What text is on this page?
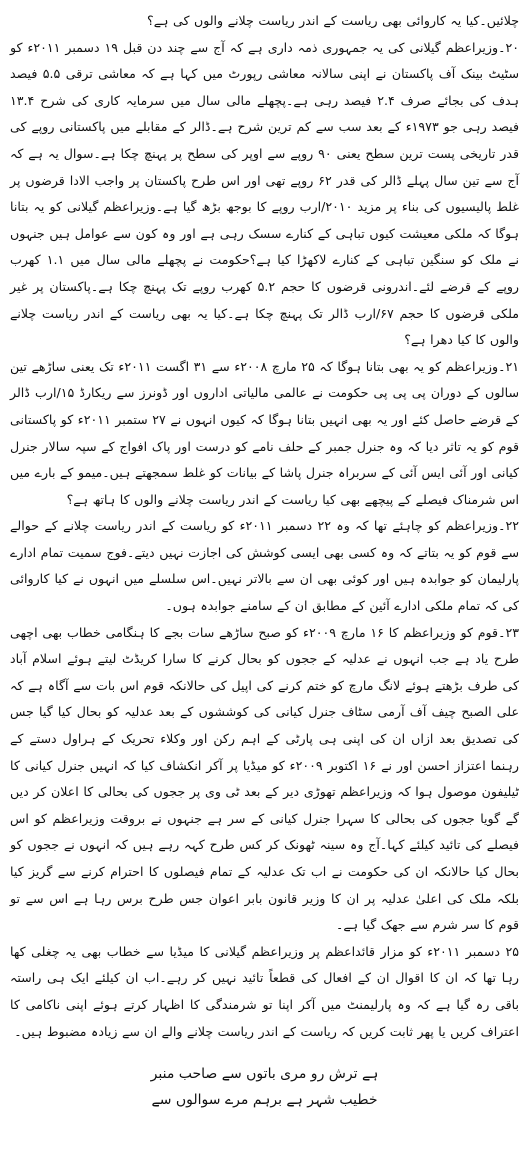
چلائیں۔کیا یہ کاروائی بھی ریاست کے اندر ریاست چلانے والوں کی ہے؟

۲۰۔وزیراعظم گیلانی کی یہ جمہوری ذمہ داری ہے کہ آج سے چند دن قبل ۱۹ دسمبر ۲۰۱۱ء کو سٹیٹ بینک آف پاکستان نے اپنی سالانہ معاشی رپورٹ میں کہا ہے کہ معاشی ترقی ۵.۵ فیصد ہدف کی بجائے صرف ۲.۴ فیصد رہی ہے۔پچھلے مالی سال میں سرمایہ کاری کی شرح ۱۳.۴ فیصد رہی جو ۱۹۷۳ء کے بعد سب سے کم ترین شرح ہے۔ڈالر کے مقابلے میں پاکستانی روپے کی قدر تاریخی پست ترین سطح یعنی ۹۰ روپے سے اوپر کی سطح پر پہنچ چکا ہے۔سوال یہ ہے کہ آج سے تین سال پہلے ڈالر کی قدر ۶۲ روپے تھی اور اس طرح پاکستان پر واجب الادا قرضوں پر غلط پالیسیوں کی بناء پر مزید ۲۰۱۰/ارب روپے کا بوجھ بڑھ گیا ہے۔وزیراعظم گیلانی کو یہ بتانا ہوگا کہ ملکی معیشت کیوں تباہی کے کنارے سسک رہی ہے اور وہ کون سے عوامل ہیں جنہوں نے ملک کو سنگین تباہی کے کنارے لاکھڑا کیا ہے؟حکومت نے پچھلے مالی سال میں ۱.۱ کھرب روپے کے قرضے لئے۔اندرونی قرضوں کا حجم ۵.۲ کھرب روپے تک پہنچ چکا ہے۔پاکستان پر غیر ملکی قرضوں کا حجم ۶۷/ارب ڈالر تک پہنچ چکا ہے۔کیا یہ بھی ریاست کے اندر ریاست چلانے والوں کا کیا دھرا ہے؟

۲۱۔وزیراعظم کو یہ بھی بتانا ہوگا کہ ۲۵ مارچ ۲۰۰۸ء سے ۳۱ اگست ۲۰۱۱ء تک یعنی ساڑھے تین سالوں کے دوران پی پی پی حکومت نے عالمی مالیاتی اداروں اور ڈونرز سے ریکارڈ ۱۵/ارب ڈالر کے قرضے حاصل کئے اور یہ بھی انہیں بتانا ہوگا کہ کیوں انہوں نے ۲۷ ستمبر ۲۰۱۱ء کو پاکستانی قوم کو یہ تاثر دیا کہ وہ جنرل جمبر کے حلف نامے کو درست اور پاک افواج کے سپہ سالار جنرل کیانی اور آئی ایس آئی کے سربراہ جنرل پاشا کے بیانات کو غلط سمجھتے ہیں۔میمو کے بارے میں اس شرمناک فیصلے کے پیچھے بھی کیا ریاست کے اندر ریاست چلانے والوں کا ہاتھ ہے؟

۲۲۔وزیراعظم کو چاہئے تھا کہ وہ ۲۲ دسمبر ۲۰۱۱ء کو ریاست کے اندر ریاست چلانے کے حوالے سے قوم کو یہ بتاتے کہ وہ کسی بھی ایسی کوشش کی اجازت نہیں دیتے۔فوج سمیت تمام ادارے پارلیمان کو جوابدہ ہیں اور کوئی بھی ان سے بالاتر نہیں۔اس سلسلے میں انہوں نے کیا کاروائی کی کہ تمام ملکی ادارے آئین کے مطابق ان کے سامنے جوابدہ ہوں۔

۲۳۔قوم کو وزیراعظم کا ۱۶ مارچ ۲۰۰۹ء کو صبح ساڑھے سات بجے کا ہنگامی خطاب بھی اچھی طرح یاد ہے جب انہوں نے عدلیہ کے ججوں کو بحال کرنے کا سارا کریڈٹ لیتے ہوئے اسلام آباد کی طرف بڑھتے ہوئے لانگ مارچ کو ختم کرنے کی اپیل کی حالانکہ قوم اس بات سے آگاہ ہے کہ علی الصبح چیف آف آرمی سٹاف جنرل کیانی کی کوششوں کے بعد عدلیہ کو بحال کیا گیا جس کی تصدیق بعد ازاں ان کی اپنی ہی پارٹی کے اہم رکن اور وکلاء تحریک کے ہراول دستے کے رہنما اعتزاز احسن اور نے ۱۶ اکتوبر ۲۰۰۹ء کو میڈیا پر آکر انکشاف کیا کہ انہیں جنرل کیانی کا ٹیلیفون موصول ہوا کہ وزیراعظم تھوڑی دیر کے بعد ٹی وی پر ججوں کی بحالی کا اعلان کر دیں گے گویا ججوں کی بحالی کا سہرا جنرل کیانی کے سر ہے جنہوں نے بروقت وزیراعظم کو اس فیصلے کی تائید کیلئے کہا۔آج وہ سینہ ٹھونک کر کس طرح کہہ رہے ہیں کہ انہوں نے ججوں کو بحال کیا حالانکہ ان کی حکومت نے اب تک عدلیہ کے تمام فیصلوں کا احترام کرنے سے گریز کیا بلکہ ملک کی اعلیٰ عدلیہ پر ان کا وزیر قانون بابر اعوان جس طرح برس رہا ہے اس سے تو قوم کا سر شرم سے جھک گیا ہے۔

۲۵ دسمبر ۲۰۱۱ء کو مزار قائداعظم پر وزیراعظم گیلانی کا میڈیا سے خطاب بھی یہ چغلی کھا رہا تھا کہ ان کا اقوال ان کے افعال کی قطعاً تائید نہیں کر رہے۔اب ان کیلئے ایک ہی راستہ باقی رہ گیا ہے کہ وہ پارلیمنٹ میں آکر اپنا تو شرمندگی کا اظہار کرتے ہوئے اپنی ناکامی کا اعتراف کریں یا پھر ثابت کریں کہ ریاست کے اندر ریاست چلانے والے ان سے زیادہ مضبوط ہیں۔

ہے ترش رو مری باتوں سے صاحب منبر
خطیب شہر ہے برہم مرے سوالوں سے
